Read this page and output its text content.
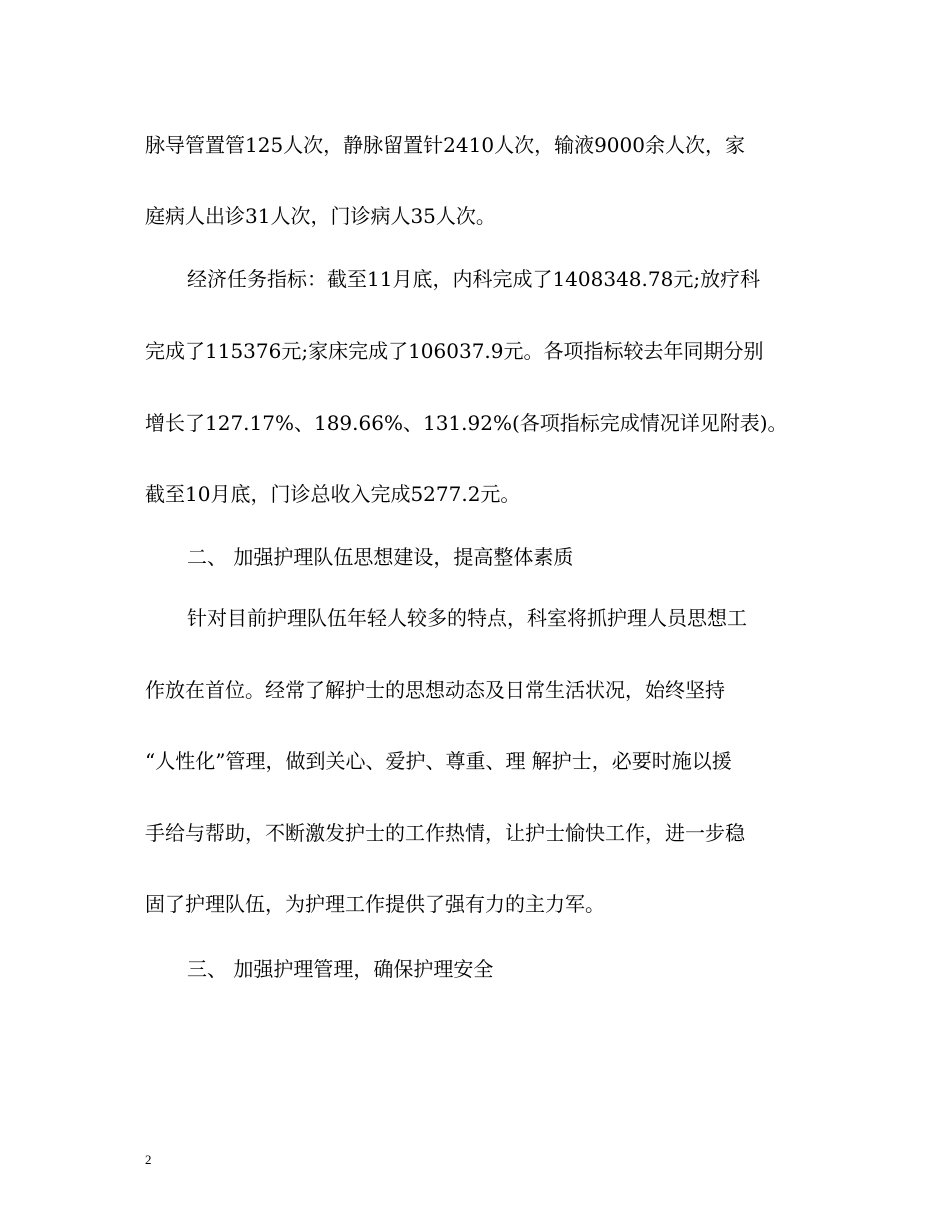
脉导管置管125人次，静脉留置针2410人次，输液9000余人次，家
庭病人出诊31人次，门诊病人35人次。
经济任务指标：截至11月底，内科完成了1408348.78元;放疗科
完成了115376元;家床完成了106037.9元。各项指标较去年同期分别
增长了127.17%、189.66%、131.92%(各项指标完成情况详见附表)。
截至10月底，门诊总收入完成5277.2元。
二、 加强护理队伍思想建设，提高整体素质
针对目前护理队伍年轻人较多的特点，科室将抓护理人员思想工
作放在首位。经常了解护士的思想动态及日常生活状况，始终坚持
“人性化”管理，做到关心、爱护、尊重、理 解护士，必要时施以援
手给与帮助，不断激发护士的工作热情，让护士愉快工作，进一步稳
固了护理队伍，为护理工作提供了强有力的主力军。
三、 加强护理管理，确保护理安全
2
